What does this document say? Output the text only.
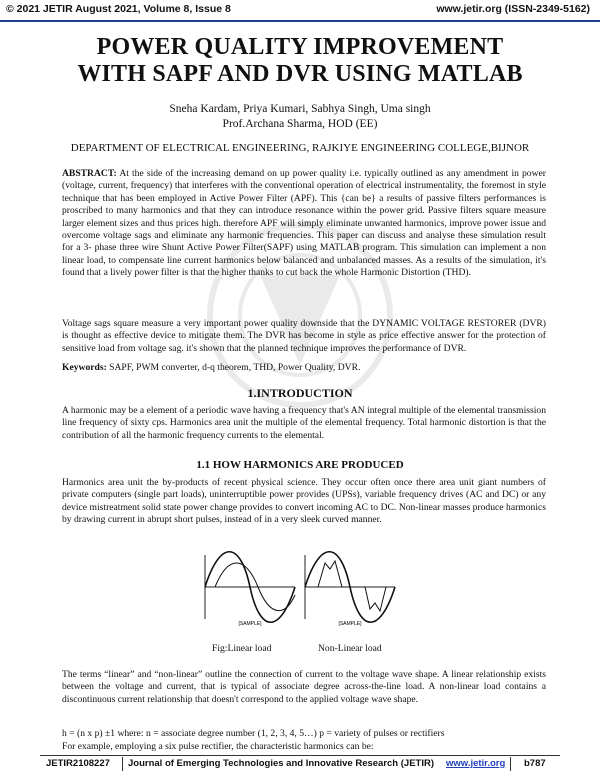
© 2021 JETIR August 2021, Volume 8, Issue 8	www.jetir.org (ISSN-2349-5162)
POWER QUALITY IMPROVEMENT
WITH SAPF AND DVR USING MATLAB
Sneha Kardam, Priya Kumari, Sabhya Singh, Uma singh
Prof.Archana Sharma, HOD (EE)
DEPARTMENT OF ELECTRICAL ENGINEERING, RAJKIYE ENGINEERING COLLEGE,BIJNOR
ABSTRACT: At the side of the increasing demand on up power quality i.e. typically outlined as any amendment in power (voltage, current, frequency) that interferes with the conventional operation of electrical instrumentality, the foremost in style technique that has been employed in Active Power Filter (APF). This {can be} a results of passive filters performances is proscribed to many harmonics and that they can introduce resonance within the power grid. Passive filters square measure larger element sizes and thus prices high. therefore APF will simply eliminate unwanted harmonics, improve power issue and overcome voltage sags and eliminate any harmonic frequencies. This paper can discuss and analyse these simulation result for a 3- phase three wire Shunt Active Power Filter(SAPF) using MATLAB program. This simulation can implement a non linear load, to compensate line current harmonics below balanced and unbalanced masses. As a results of the simulation, it's found that a lively power filter is that the higher thanks to cut back the whole Harmonic Distortion (THD).
Voltage sags square measure a very important power quality downside that the DYNAMIC VOLTAGE RESTORER (DVR) is thought as effective device to mitigate them. The DVR has become in style as price effective answer for the protection of sensitive load from voltage sag. it's shown that the planned technique improves the performance of DVR.
Keywords: SAPF, PWM converter, d-q theorem, THD, Power Quality, DVR.
1.INTRODUCTION
A harmonic may be a element of a periodic wave having a frequency that's AN integral multiple of the elemental transmission line frequency of sixty cps. Harmonics area unit the multiple of the elemental frequency. Total harmonic distortion is that the contribution of all the harmonic frequency currents to the elemental.
1.1 HOW HARMONICS ARE PRODUCED
Harmonics area unit the by-products of recent physical science. They occur often once there area unit giant numbers of private computers (single part loads), uninterruptible power provides (UPSs), variable frequency drives (AC and DC) or any device mistreatment solid state power change provides to convert incoming AC to DC. Non-linear masses produce harmonics by drawing current in abrupt short pulses, instead of in a very sleek curved manner.
[SAMPLE]	[SAMPLE]
Fig:Linear load	Non-Linear load
The terms “linear” and “non-linear” outline the connection of current to the voltage wave shape. A linear relationship exists between the voltage and current, that is typical of associate degree across-the-line load. A non-linear load contains a discontinuous current relationship that doesn't correspond to the applied voltage wave shape.
h = (n x p) ±1 where: n = associate degree number (1, 2, 3, 4, 5…) p = variety of pulses or rectifiers
For example, employing a six pulse rectifier, the characteristic harmonics can be:
JETIR2108227 Journal of Emerging Technologies and Innovative Research (JETIR) www.jetir.org b787
